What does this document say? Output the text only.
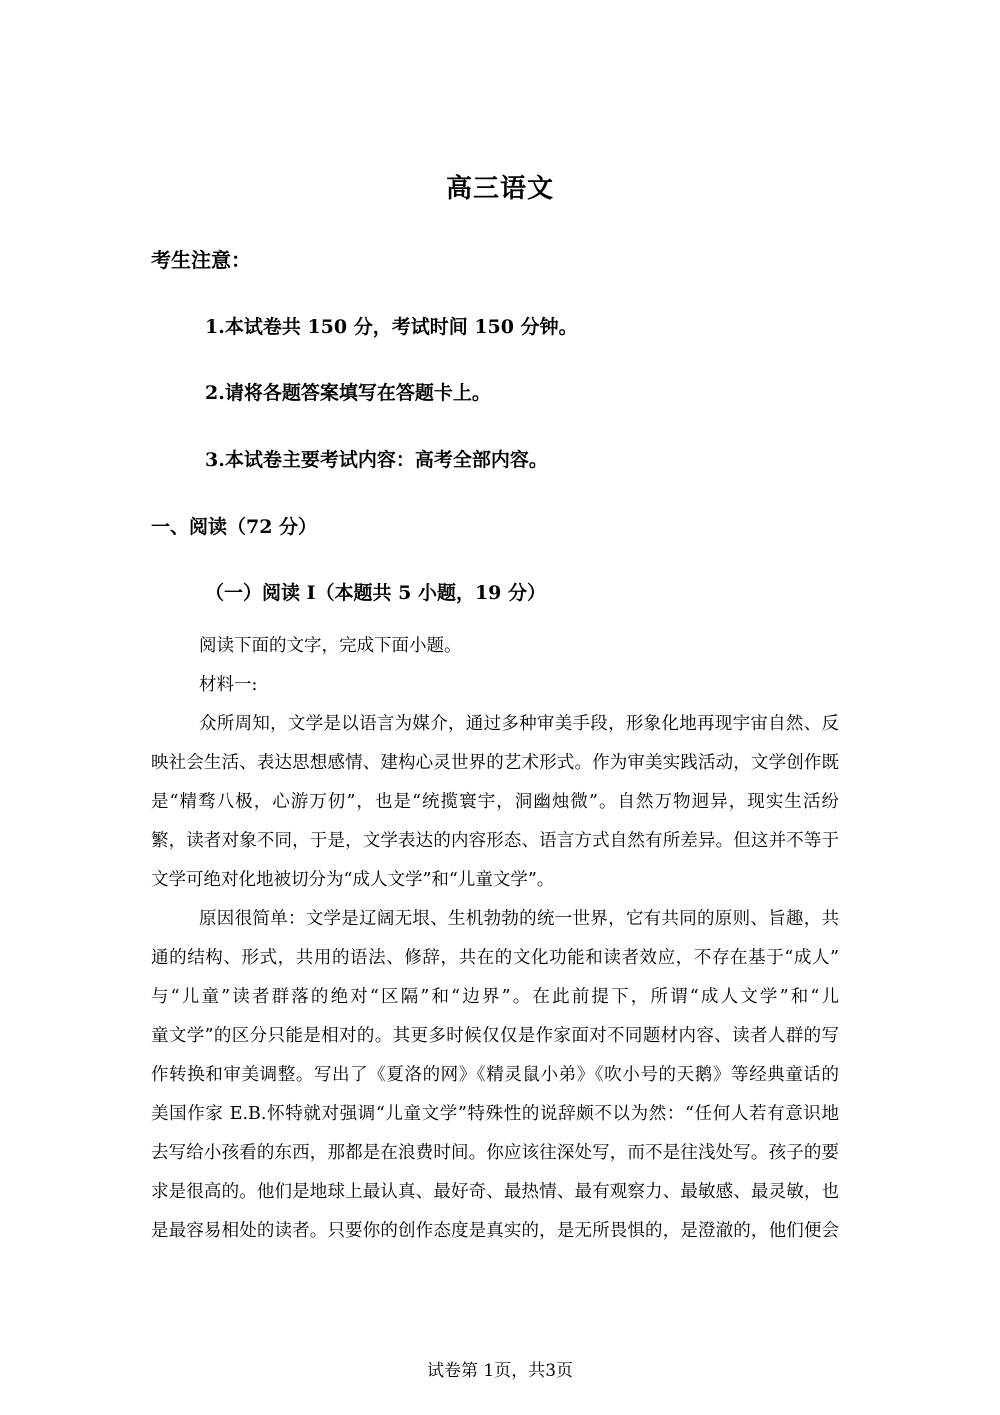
高三语文
考生注意：
1.本试卷共 150 分，考试时间 150 分钟。
2.请将各题答案填写在答题卡上。
3.本试卷主要考试内容：高考全部内容。
一、阅读（72 分）
（一）阅读 I（本题共 5 小题，19 分）
阅读下面的文字，完成下面小题。
材料一:
众所周知，文学是以语言为媒介，通过多种审美手段，形象化地再现宇宙自然、反
映社会生活、表达思想感情、建构心灵世界的艺术形式。作为审美实践活动，文学创作既
是“精骛八极，心游万仞”，也是“统揽寰宇，洞幽烛微”。自然万物迥异，现实生活纷
繁，读者对象不同，于是，文学表达的内容形态、语言方式自然有所差异。但这并不等于
文学可绝对化地被切分为“成人文学”和“儿童文学”。
原因很简单：文学是辽阔无垠、生机勃勃的统一世界，它有共同的原则、旨趣，共
通的结构、形式，共用的语法、修辞，共在的文化功能和读者效应，不存在基于“成人”
与“儿童”读者群落的绝对“区隔”和“边界”。在此前提下，所谓“成人文学”和“儿
童文学”的区分只能是相对的。其更多时候仅仅是作家面对不同题材内容、读者人群的写
作转换和审美调整。写出了《夏洛的网》《精灵鼠小弟》《吹小号的天鹅》等经典童话的
美国作家 E.B.怀特就对强调“儿童文学”特殊性的说辞颇不以为然：“任何人若有意识地
去写给小孩看的东西，那都是在浪费时间。你应该往深处写，而不是往浅处写。孩子的要
求是很高的。他们是地球上最认真、最好奇、最热情、最有观察力、最敏感、最灵敏，也
是最容易相处的读者。只要你的创作态度是真实的，是无所畏惧的，是澄澈的，他们便会
试卷第 1页，共3页
